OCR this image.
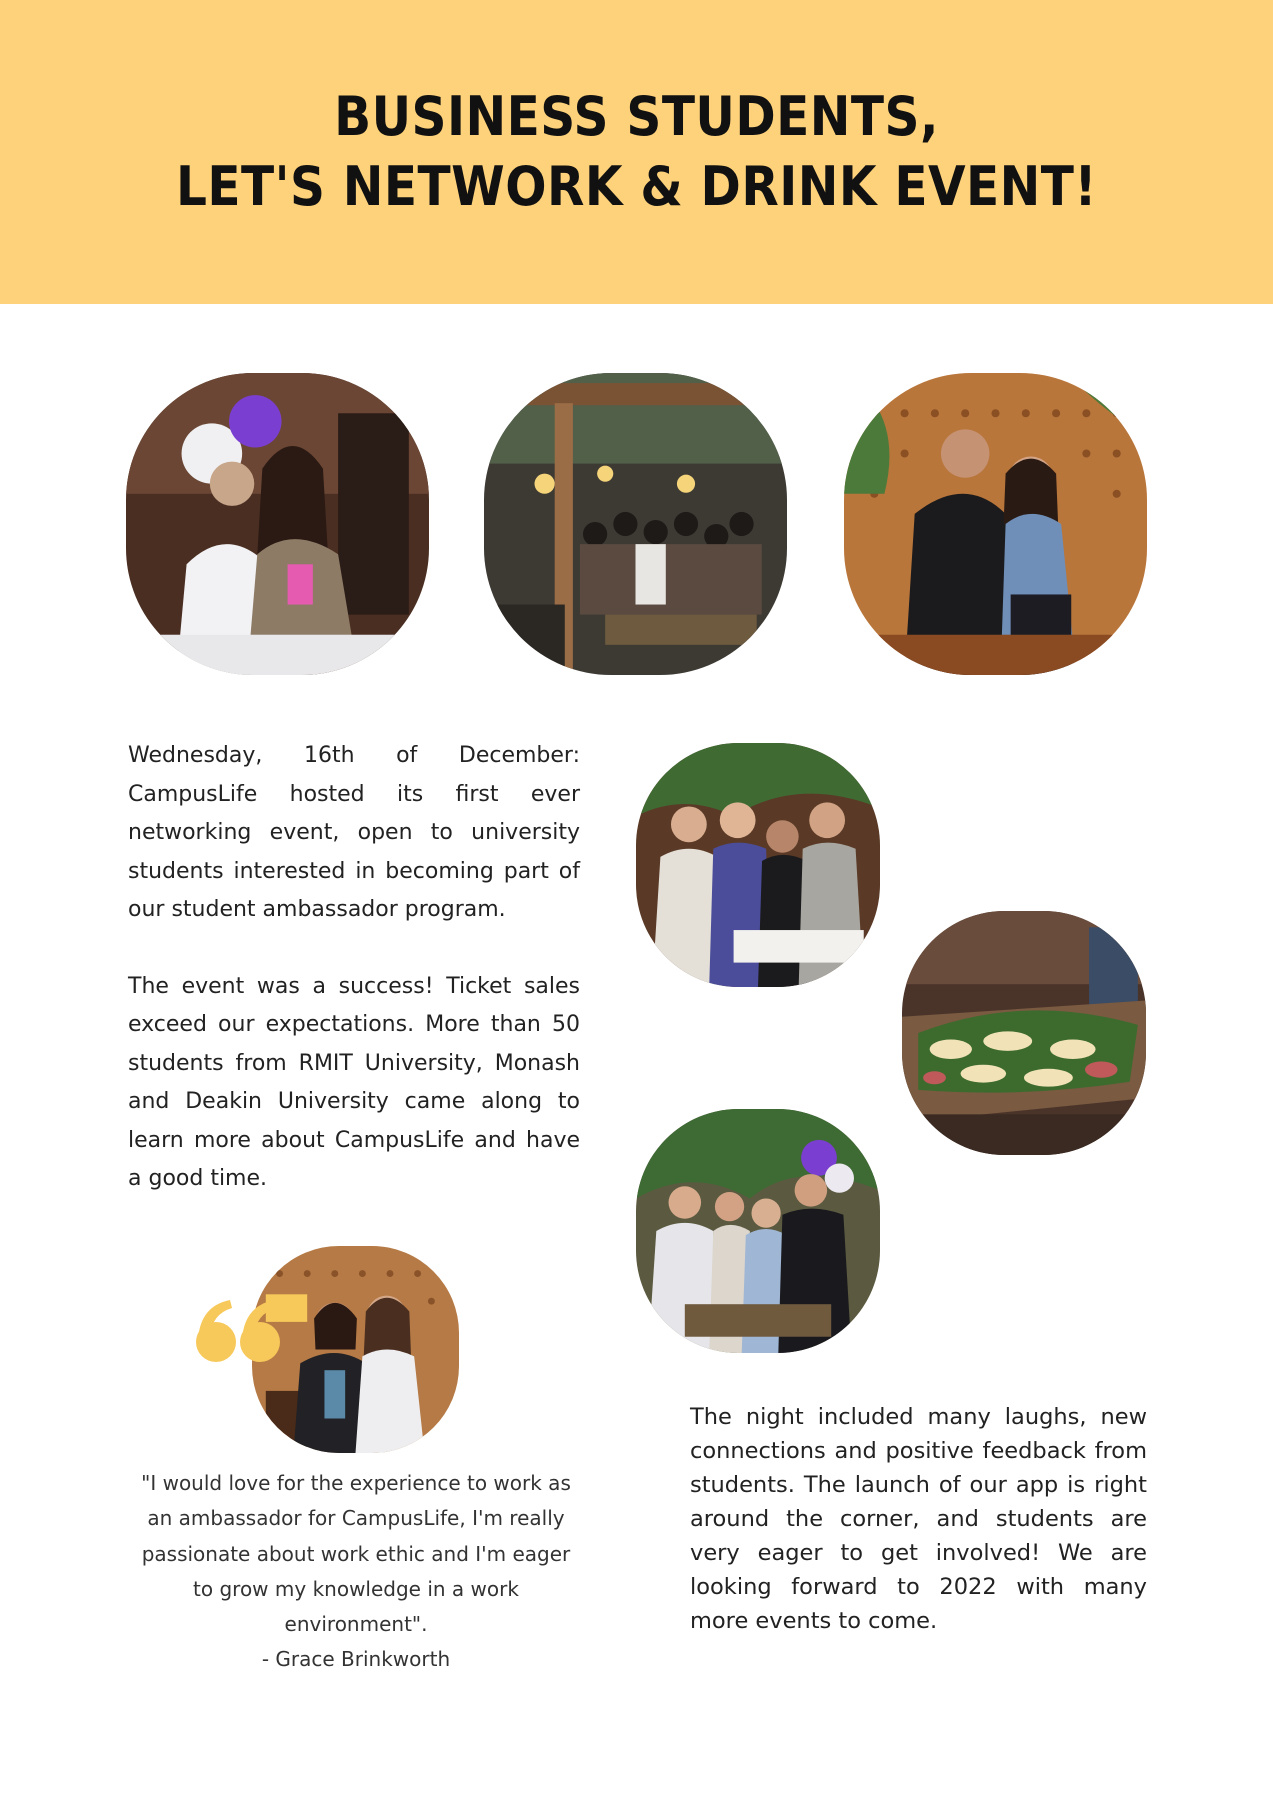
BUSINESS STUDENTS,
LET'S NETWORK & DRINK EVENT!

Wednesday, 16th of December: CampusLife hosted its first ever networking event, open to university students interested in becoming part of our student ambassador program.

The event was a success! Ticket sales exceed our expectations. More than 50 students from RMIT University, Monash and Deakin University came along to learn more about CampusLife and have a good time.

"I would love for the experience to work as an ambassador for CampusLife, I'm really passionate about work ethic and I'm eager to grow my knowledge in a work environment".

- Grace Brinkworth

The night included many laughs, new connections and positive feedback from students. The launch of our app is right around the corner, and students are very eager to get involved! We are looking forward to 2022 with many more events to come.
